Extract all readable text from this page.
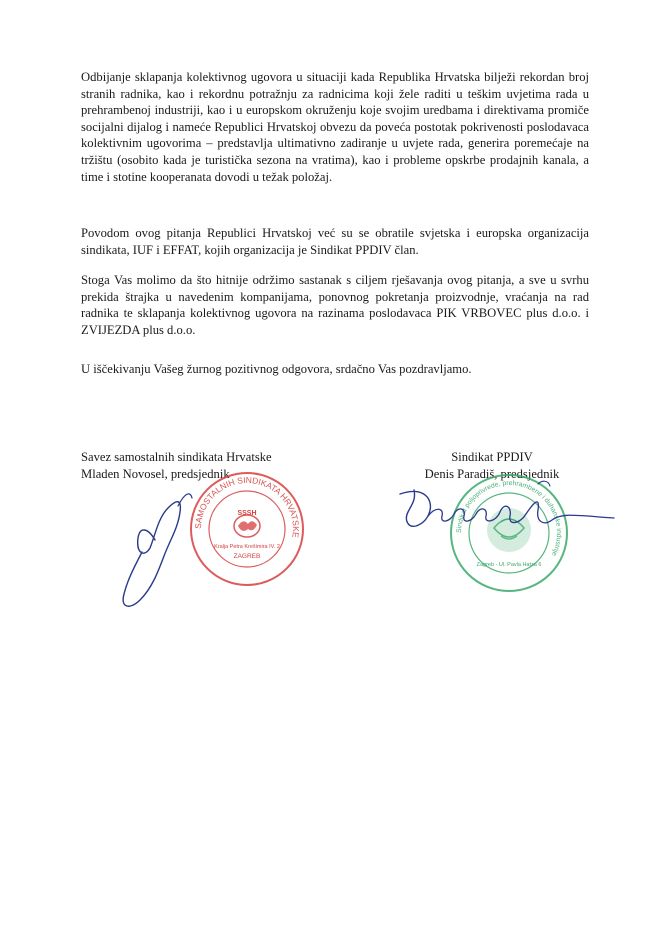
Odbijanje sklapanja kolektivnog ugovora u situaciji kada Republika Hrvatska bilježi rekordan broj stranih radnika, kao i rekordnu potražnju za radnicima koji žele raditi u teškim uvjetima rada u prehrambenoj industriji, kao i u europskom okruženju koje svojim uredbama i direktivama promiče socijalni dijalog i nameće Republici Hrvatskoj obvezu da poveća postotak pokrivenosti poslodavaca kolektivnim ugovorima – predstavlja ultimativno zadiranje u uvjete rada, generira poremećaje na tržištu (osobito kada je turistička sezona na vratima), kao i probleme opskrbe prodajnih kanala, a time i stotine kooperanata dovodi u težak položaj.

Povodom ovog pitanja Republici Hrvatskoj već su se obratile svjetska i europska organizacija sindikata, IUF i EFFAT, kojih organizacija je Sindikat PPDIV član.

Stoga Vas molimo da što hitnije održimo sastanak s ciljem rješavanja ovog pitanja, a sve u svrhu prekida štrajka u navedenim kompanijama, ponovnog pokretanja proizvodnje, vraćanja na rad radnika te sklapanja kolektivnog ugovora na razinama poslodavaca PIK VRBOVEC plus d.o.o. i ZVIJEZDA plus d.o.o.

U iščekivanju Vašeg žurnog pozitivnog odgovora, srdačno Vas pozdravljamo.

Savez samostalnih sindikata Hrvatske
Mladen Novosel, predsjednik
Sindikat PPDIV
Denis Paradiš, predsjednik
SAMOSTALNIH SINDIKATA HRVATSKE
SSSH
Kralja Petra Krešimira IV. 2
ZAGREB
Sindikat poljoprivrede, prehrambene i duhanske industrije
Zagreb - Ul. Pavla Hatza 6
